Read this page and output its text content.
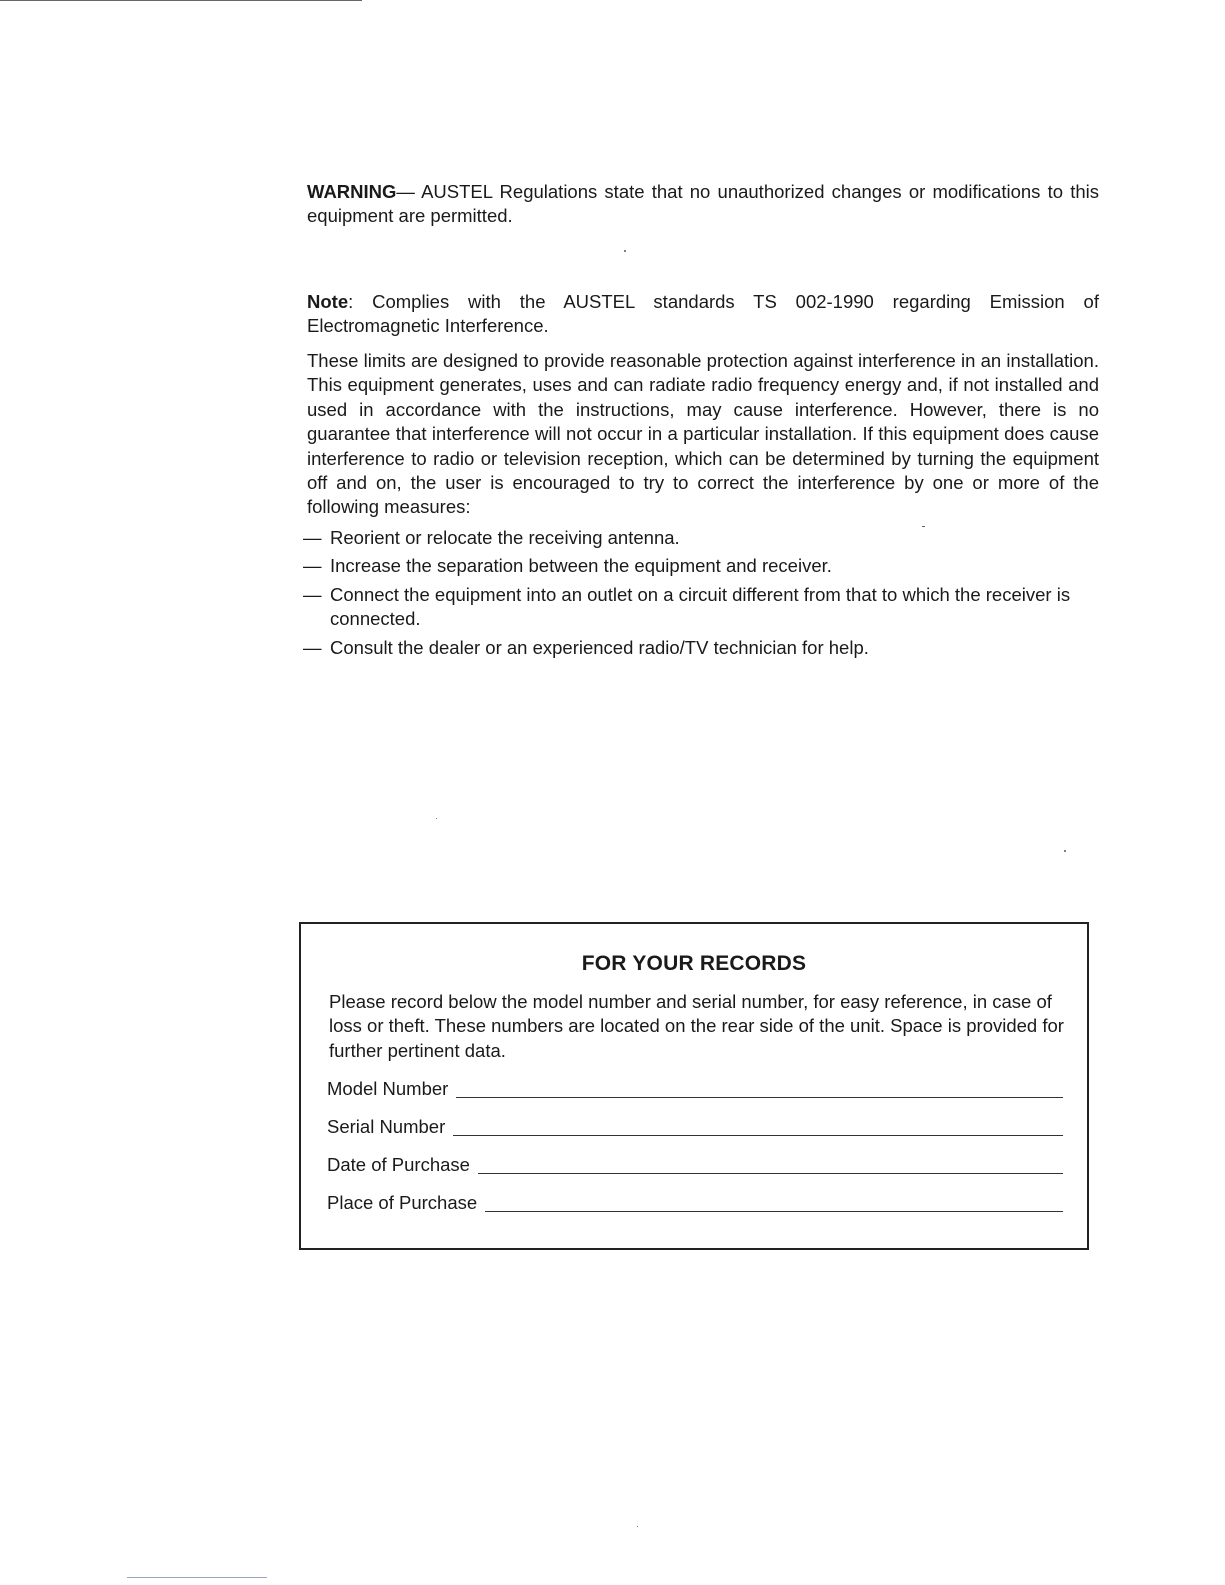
WARNING— AUSTEL Regulations state that no unauthorized changes or modifications to this equipment are permitted.

Note: Complies with the AUSTEL standards TS 002-1990 regarding Emission of Electromagnetic Interference.

These limits are designed to provide reasonable protection against interference in an installation. This equipment generates, uses and can radiate radio frequency energy and, if not installed and used in accordance with the instructions, may cause interference. However, there is no guarantee that interference will not occur in a particular installation. If this equipment does cause interference to radio or television reception, which can be determined by turning the equipment off and on, the user is encouraged to try to correct the interference by one or more of the following measures:

— Reorient or relocate the receiving antenna.
— Increase the separation between the equipment and receiver.
— Connect the equipment into an outlet on a circuit different from that to which the receiver is connected.
— Consult the dealer or an experienced radio/TV technician for help.
FOR YOUR RECORDS
Please record below the model number and serial number, for easy reference, in case of loss or theft. These numbers are located on the rear side of the unit. Space is provided for further pertinent data.
Model Number
Serial Number
Date of Purchase
Place of Purchase
